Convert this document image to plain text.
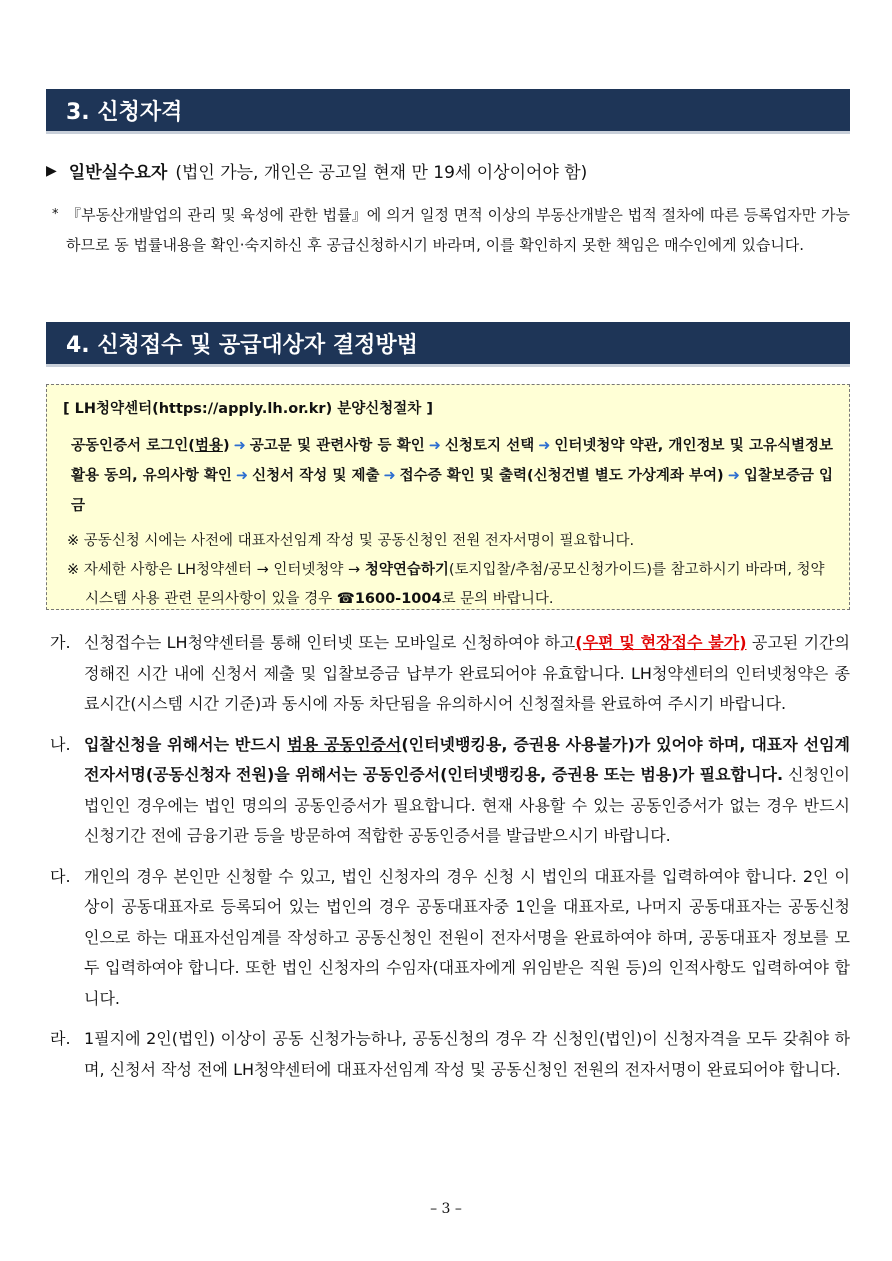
3. 신청자격
▶ 일반실수요자 (법인 가능, 개인은 공고일 현재 만 19세 이상이어야 함)
* 『부동산개발업의 관리 및 육성에 관한 법률』에 의거 일정 면적 이상의 부동산개발은 법적 절차에 따른 등록업자만 가능하므로 동 법률내용을 확인·숙지하신 후 공급신청하시기 바라며, 이를 확인하지 못한 책임은 매수인에게 있습니다.
4. 신청접수 및 공급대상자 결정방법
[ LH청약센터(https://apply.lh.or.kr) 분양신청절차 ]
공동인증서 로그인(범용) ➜ 공고문 및 관련사항 등 확인 ➜ 신청토지 선택 ➜ 인터넷청약 약관, 개인정보 및 고유식별정보 활용 동의, 유의사항 확인 ➜ 신청서 작성 및 제출 ➜ 접수증 확인 및 출력(신청건별 별도 가상계좌 부여) ➜ 입찰보증금 입금
※ 공동신청 시에는 사전에 대표자선임계 작성 및 공동신청인 전원 전자서명이 필요합니다.
※ 자세한 사항은 LH청약센터 → 인터넷청약 → 청약연습하기(토지입찰/추첨/공모신청가이드)를 참고하시기 바라며, 청약시스템 사용 관련 문의사항이 있을 경우 ☎1600-1004로 문의 바랍니다.
가. 신청접수는 LH청약센터를 통해 인터넷 또는 모바일로 신청하여야 하고(우편 및 현장접수 불가) 공고된 기간의 정해진 시간 내에 신청서 제출 및 입찰보증금 납부가 완료되어야 유효합니다. LH청약센터의 인터넷청약은 종료시간(시스템 시간 기준)과 동시에 자동 차단됨을 유의하시어 신청절차를 완료하여 주시기 바랍니다.
나. 입찰신청을 위해서는 반드시 범용 공동인증서(인터넷뱅킹용, 증권용 사용불가)가 있어야 하며, 대표자 선임계 전자서명(공동신청자 전원)을 위해서는 공동인증서(인터넷뱅킹용, 증권용 또는 범용)가 필요합니다. 신청인이 법인인 경우에는 법인 명의의 공동인증서가 필요합니다. 현재 사용할 수 있는 공동인증서가 없는 경우 반드시 신청기간 전에 금융기관 등을 방문하여 적합한 공동인증서를 발급받으시기 바랍니다.
다. 개인의 경우 본인만 신청할 수 있고, 법인 신청자의 경우 신청 시 법인의 대표자를 입력하여야 합니다. 2인 이상이 공동대표자로 등록되어 있는 법인의 경우 공동대표자중 1인을 대표자로, 나머지 공동대표자는 공동신청인으로 하는 대표자선임계를 작성하고 공동신청인 전원이 전자서명을 완료하여야 하며, 공동대표자 정보를 모두 입력하여야 합니다. 또한 법인 신청자의 수임자(대표자에게 위임받은 직원 등)의 인적사항도 입력하여야 합니다.
라. 1필지에 2인(법인) 이상이 공동 신청가능하나, 공동신청의 경우 각 신청인(법인)이 신청자격을 모두 갖춰야 하며, 신청서 작성 전에 LH청약센터에 대표자선임계 작성 및 공동신청인 전원의 전자서명이 완료되어야 합니다.
– 3 –
